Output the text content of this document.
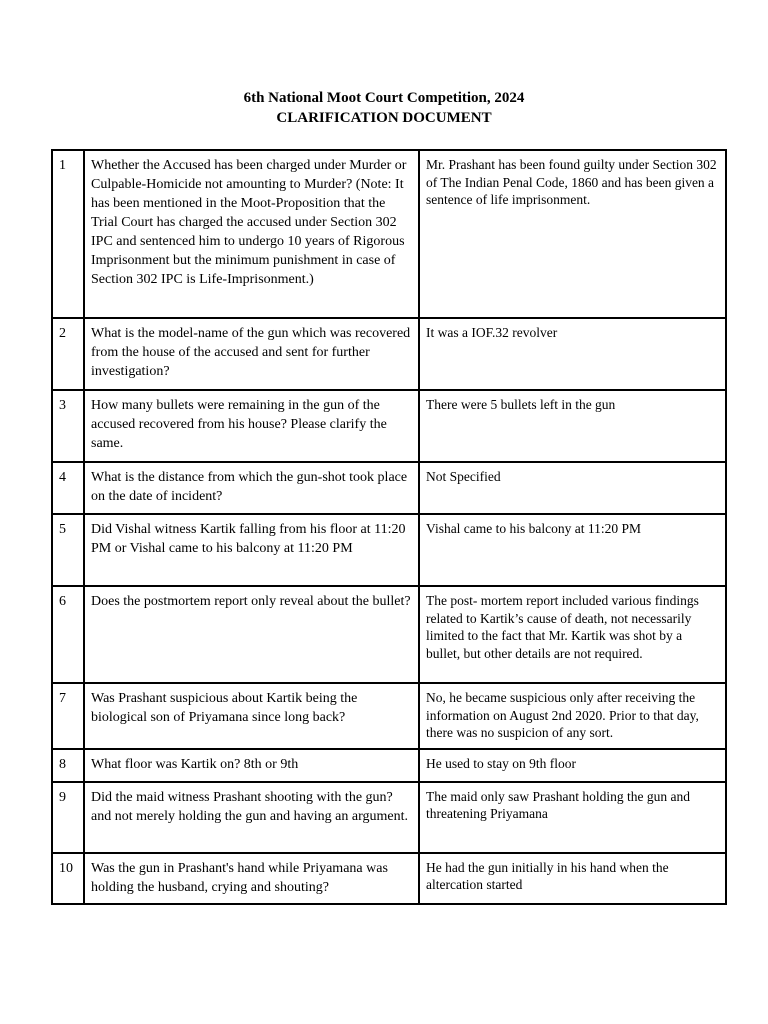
6th National Moot Court Competition, 2024
CLARIFICATION DOCUMENT
1	Whether the Accused has been charged under Murder or Culpable-Homicide not amounting to Murder? (Note: It has been mentioned in the Moot-Proposition that the Trial Court has charged the accused under Section 302 IPC and sentenced him to undergo 10 years of Rigorous Imprisonment but the minimum punishment in case of Section 302 IPC is Life-Imprisonment.)	Mr. Prashant has been found guilty under Section 302 of The Indian Penal Code, 1860 and has been given a sentence of life imprisonment.
2	What is the model-name of the gun which was recovered from the house of the accused and sent for further investigation?	It was a IOF.32 revolver
3	How many bullets were remaining in the gun of the accused recovered from his house? Please clarify the same.	There were 5 bullets left in the gun
4	What is the distance from which the gun-shot took place on the date of incident?	Not Specified
5	Did Vishal witness Kartik falling from his floor at 11:20 PM or Vishal came to his balcony at 11:20 PM	Vishal came to his balcony at 11:20 PM
6	Does the postmortem report only reveal about the bullet?	The post- mortem report included various findings related to Kartik’s cause of death, not necessarily limited to the fact that Mr. Kartik was shot by a bullet, but other details are not required.
7	Was Prashant suspicious about Kartik being the biological son of Priyamana since long back?	No, he became suspicious only after receiving the information on August 2nd 2020. Prior to that day, there was no suspicion of any sort.
8	What floor was Kartik on? 8th or 9th	He used to stay on 9th floor
9	Did the maid witness Prashant shooting with the gun? and not merely holding the gun and having an argument.	The maid only saw Prashant holding the gun and threatening Priyamana
10	Was the gun in Prashant's hand while Priyamana was holding the husband, crying and shouting?	He had the gun initially in his hand when the altercation started
